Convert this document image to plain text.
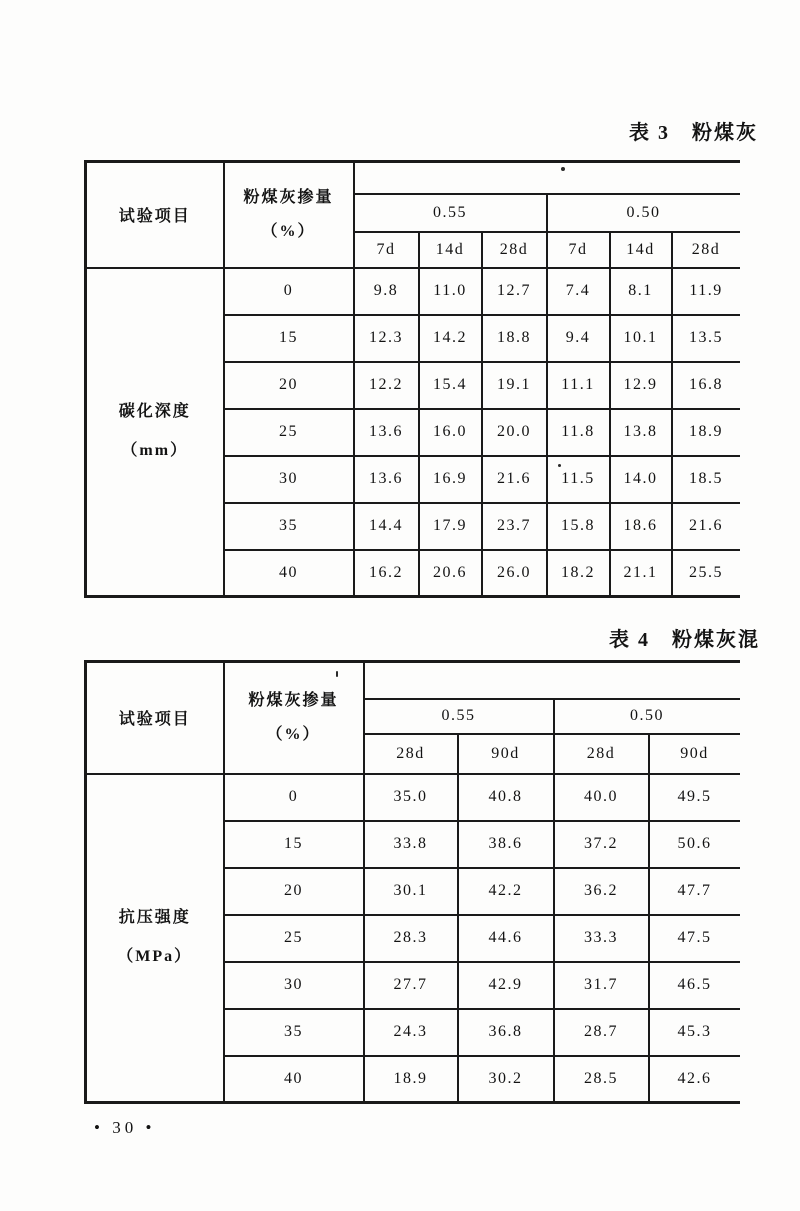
表 3　粉煤灰
试验项目	粉煤灰掺量
（%）						

		0.55			0.50		
		7d	14d	28d	7d	14d	28d

碳化深度
（mm）	0	9.8	11.0	12.7	7.4	8.1	11.9
	15	12.3	14.2	18.8	9.4	10.1	13.5
	20	12.2	15.4	19.1	11.1	12.9	16.8
	25	13.6	16.0	20.0	11.8	13.8	18.9
	30	13.6	16.9	21.6	11.5	14.0	18.5
	35	14.4	17.9	23.7	15.8	18.6	21.6
	40	16.2	20.6	26.0	18.2	21.1	25.5
表 4　粉煤灰混
试验项目	粉煤灰掺量
（%）				

		0.55		0.50	
		28d	90d	28d	90d

抗压强度
（MPa）	0	35.0	40.8	40.0	49.5
	15	33.8	38.6	37.2	50.6
	20	30.1	42.2	36.2	47.7
	25	28.3	44.6	33.3	47.5
	30	27.7	42.9	31.7	46.5
	35	24.3	36.8	28.7	45.3
	40	18.9	30.2	28.5	42.6
• 30 •
